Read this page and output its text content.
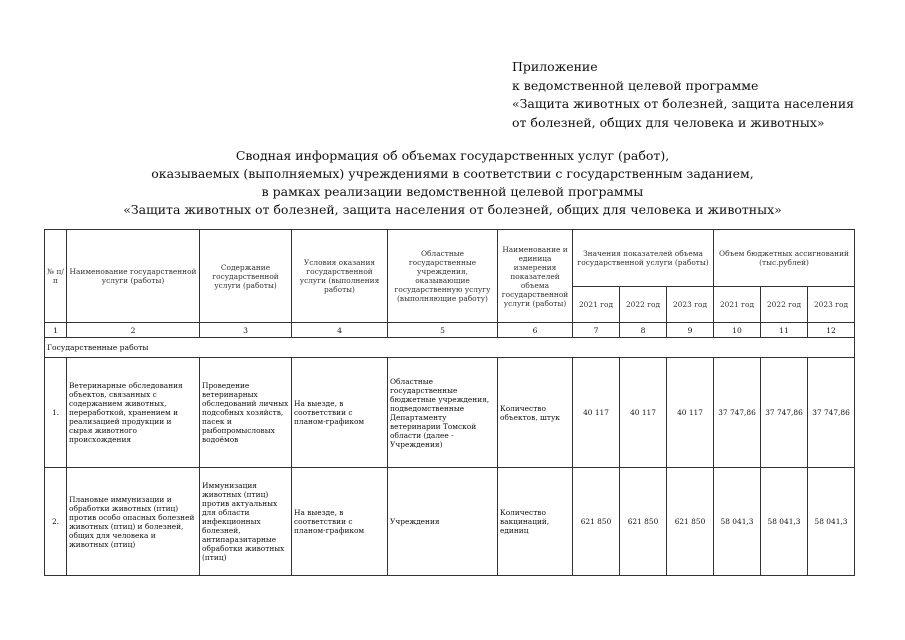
Приложение
к ведомственной целевой программе
«Защита животных от болезней, защита населения
от болезней, общих для человека и животных»
Сводная информация об объемах государственных услуг (работ),
оказываемых (выполняемых) учреждениями в соответствии с государственным заданием,
в рамках реализации ведомственной целевой программы
«Защита животных от болезней, защита населения от болезней, общих для человека и животных»
№ п/п	Наименование государственной услуги (работы)	Содержание государственной услуги (работы)	Условия оказания государственной услуги (выполнения работы)	Областные государственные учреждения, оказывающие государственную услугу (выполняющие работу)	Наименование и единица измерения показателей объема государственной услуги (работы)	Значения показателей объема государственной услуги (работы)			Объем бюджетных ассигнований (тыс.рублей)		
						2021 год	2022 год	2023 год	2021 год	2022 год	2023 год
1	2	3	4	5	6	7	8	9	10	11	12
Государственные работы											
1.	Ветеринарные обследования объектов, связанных с содержанием животных, переработкой, хранением и реализацией продукции и сырья животного происхождения	Проведение ветеринарных обследований личных подсобных хозяйств, пасек и рыбопромысловых водоёмов	На выезде, в соответствии с планом-графиком	Областные государственные бюджетные учреждения, подведомственные Департаменту ветеринарии Томской области (далее - Учреждения)	Количество объектов, штук	40 117	40 117	40 117	37 747,86	37 747,86	37 747,86
2.	Плановые иммунизации и обработки животных (птиц) против особо опасных болезней животных (птиц) и болезней, общих для человека и животных (птиц)	Иммунизация животных (птиц) против актуальных для области инфекционных болезней, антипаразитарные обработки животных (птиц)	На выезде, в соответствии с планом-графиком	Учреждения	Количество вакцинаций, единиц	621 850	621 850	621 850	58 041,3	58 041,3	58 041,3
